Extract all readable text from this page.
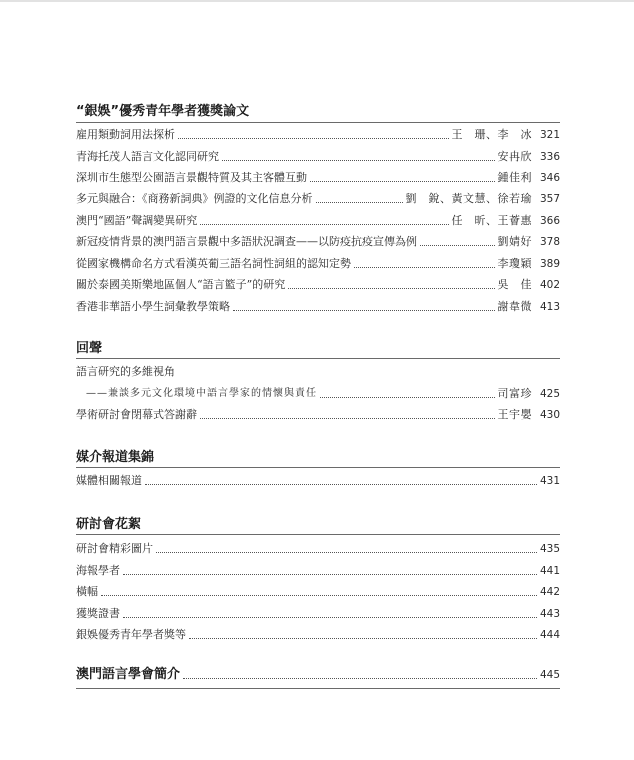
“銀娛”優秀青年學者獲獎論文
雇用類動詞用法探析	王　珊、李　冰 321
青海托茂人語言文化認同研究	安冉欣 336
深圳市生態型公園語言景觀特質及其主客體互動	鍾佳利 346
多元與融合：《商務新詞典》例證的文化信息分析	劉　銳、黃文慧、徐若瑜 357
澳門“國語”聲調變異研究	任　昕、王薈惠 366
新冠疫情背景的澳門語言景觀中多語狀況調查——以防疫抗疫宣傳為例	劉婧好 378
從國家機構命名方式看漢英葡三語名詞性詞組的認知定勢	李瓊穎 389
關於泰國美斯樂地區個人“語言籃子”的研究	吳　佳 402
香港非華語小學生詞彙教學策略	謝韋微 413
回聲
語言研究的多維視角
——兼談多元文化環境中語言學家的情懷與責任	司富珍 425
學術研討會閉幕式答謝辭	王宇嬰 430
媒介報道集錦
媒體相關報道	431
研討會花絮
研討會精彩圖片	435
海報學者	441
橫幅	442
獲獎證書	443
銀娛優秀青年學者獎等	444
澳門語言學會簡介	445
